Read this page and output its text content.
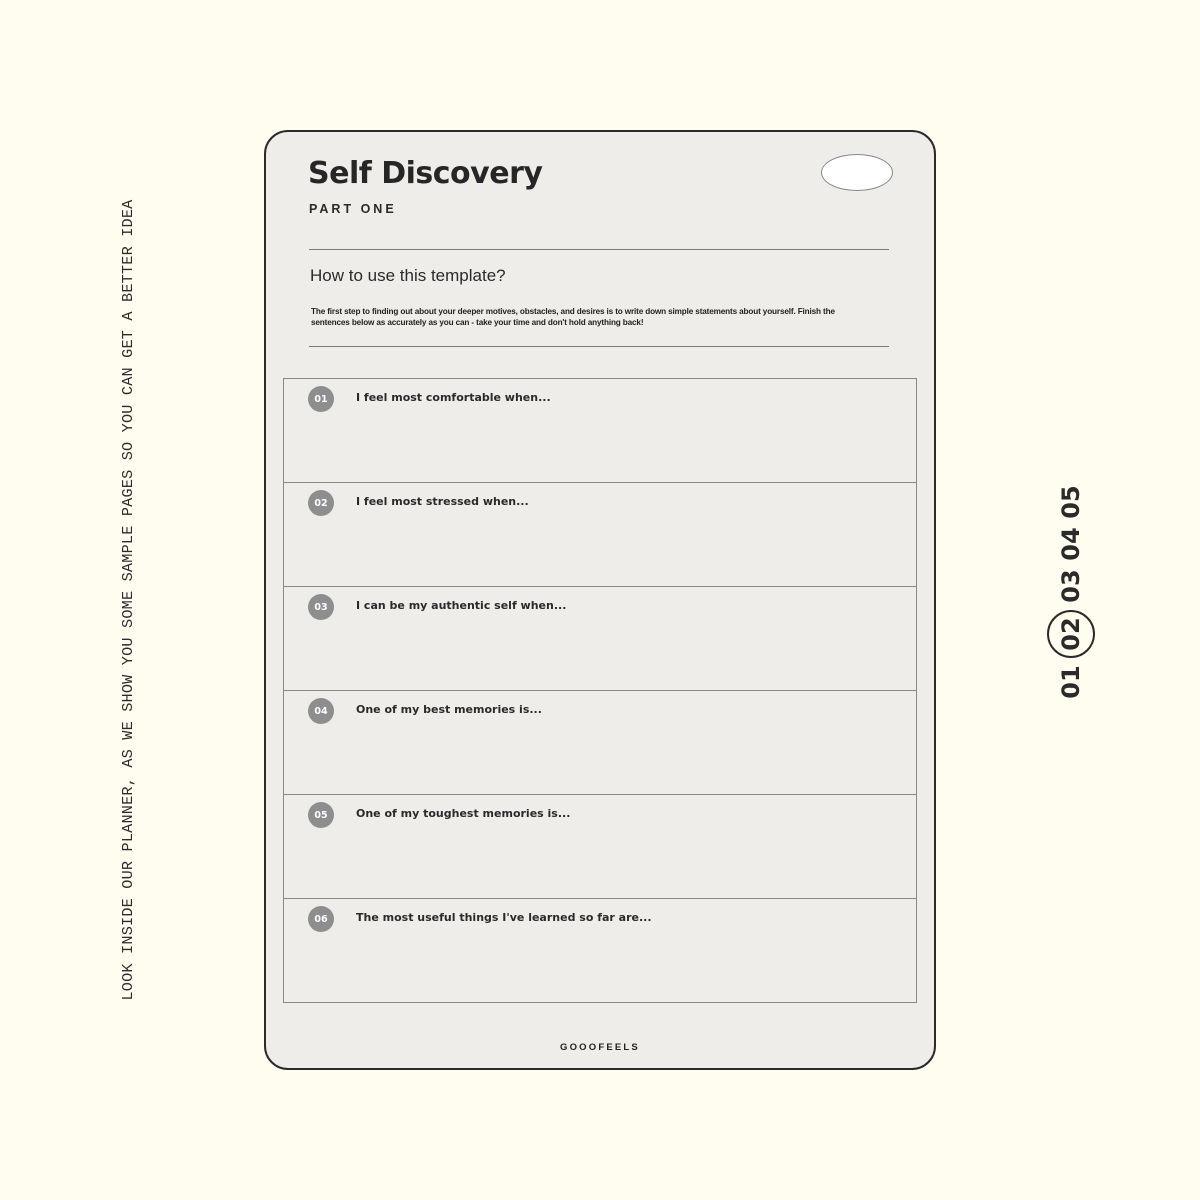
LOOK INSIDE OUR PLANNER, AS WE SHOW YOU SOME SAMPLE PAGES SO YOU CAN GET A BETTER IDEA	01
02
03
04
05
Self Discovery
PART ONE
How to use this template?
The first step to finding out about your deeper motives, obstacles, and desires is to write down simple statements about yourself. Finish the sentences below as accurately as you can - take your time and don't hold anything back!
01	I feel most comfortable when...
02	I feel most stressed when...
03	I can be my authentic self when...
04	One of my best memories is...
05	One of my toughest memories is...
06	The most useful things I've learned so far are...
GOOOFEELS
